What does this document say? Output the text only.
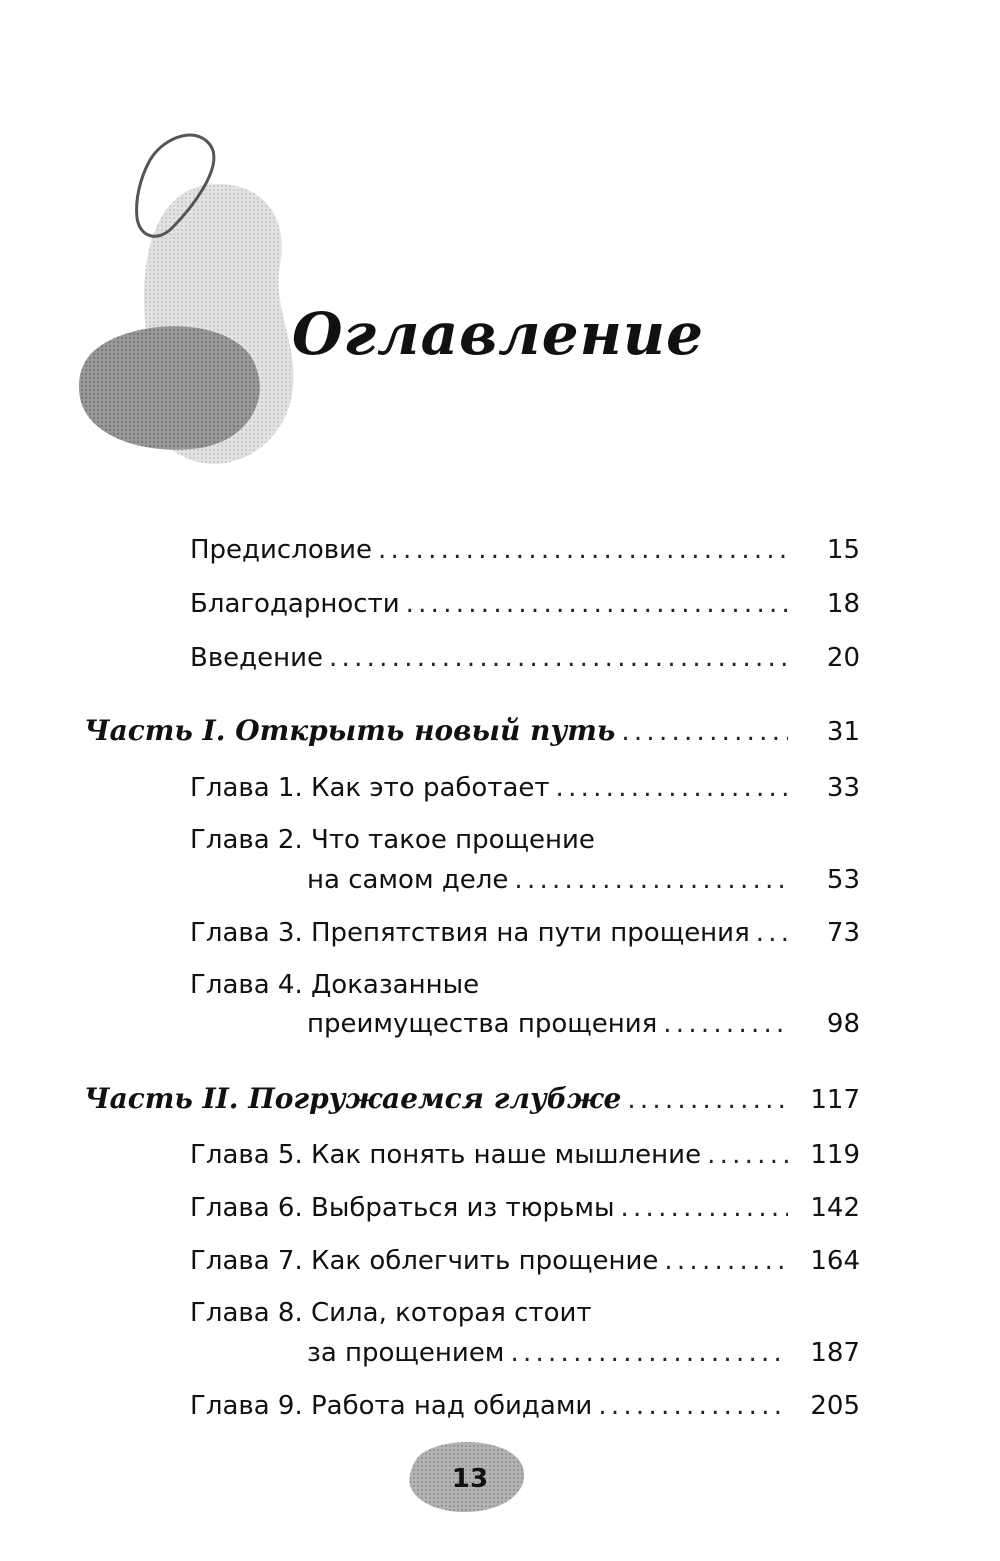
Оглавление
Предисловие . . .	15
Благодарности . . .	18
Введение . . .	20
Часть I. Открыть новый путь . . .	31
Глава 1. Как это работает . . .	33
Глава 2. Что такое прощение
на самом деле . . .	53
Глава 3. Препятствия на пути прощения . . .	73
Глава 4. Доказанные
преимущества прощения . . .	98
Часть II. Погружаемся глубже . . .	117
Глава 5. Как понять наше мышление . . .	119
Глава 6. Выбраться из тюрьмы . . .	142
Глава 7. Как облегчить прощение . . .	164
Глава 8. Сила, которая стоит
за прощением . . .	187
Глава 9. Работа над обидами . . .	205
13
